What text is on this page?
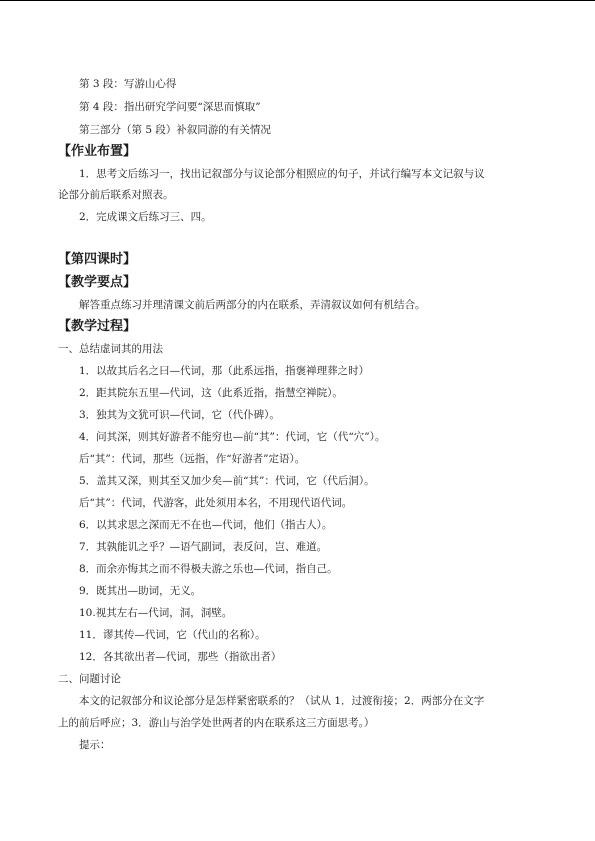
第 3 段：写游山心得
第 4 段：指出研究学问要“深思而慎取”
第三部分（第 5 段）补叙同游的有关情况
【作业布置】
1．思考文后练习一，找出记叙部分与议论部分相照应的句子，并试行编写本文记叙与议
论部分前后联系对照表。
2．完成课文后练习三、四。
【第四课时】
【教学要点】
解答重点练习并理清课文前后两部分的内在联系，弄清叙议如何有机结合。
【教学过程】
一、总结虚词其的用法
1．以故其后名之曰—代词，那（此系远指，指褒禅理葬之时）
2．距其院东五里—代词，这（此系近指，指慧空禅院）。
3．独其为文犹可识—代词，它（代仆碑）。
4．问其深，则其好游者不能穷也—前“其”：代词，它（代“穴”）。
后“其”：代词，那些（远指，作“好游者”定语）。
5．盖其又深，则其至又加少矣—前“其”：代词，它（代后洞）。
后“其”：代词，代游客，此处须用本名，不用现代语代词。
6．以其求思之深而无不在也—代词，他们（指古人）。
7．其孰能讥之乎？—语气副词，表反问，岂、难道。
8．而余亦悔其之而不得极夫游之乐也—代词，指自己。
9．既其出—助词，无义。
10.视其左右—代词，洞，洞壁。
11．谬其传—代词，它（代山的名称）。
12．各其欲出者—代词，那些（指欲出者）
二、问题讨论
本文的记叙部分和议论部分是怎样紧密联系的？（试从 1．过渡衔接；2．两部分在文字
上的前后呼应；3．游山与治学处世两者的内在联系这三方面思考。）
提示：
